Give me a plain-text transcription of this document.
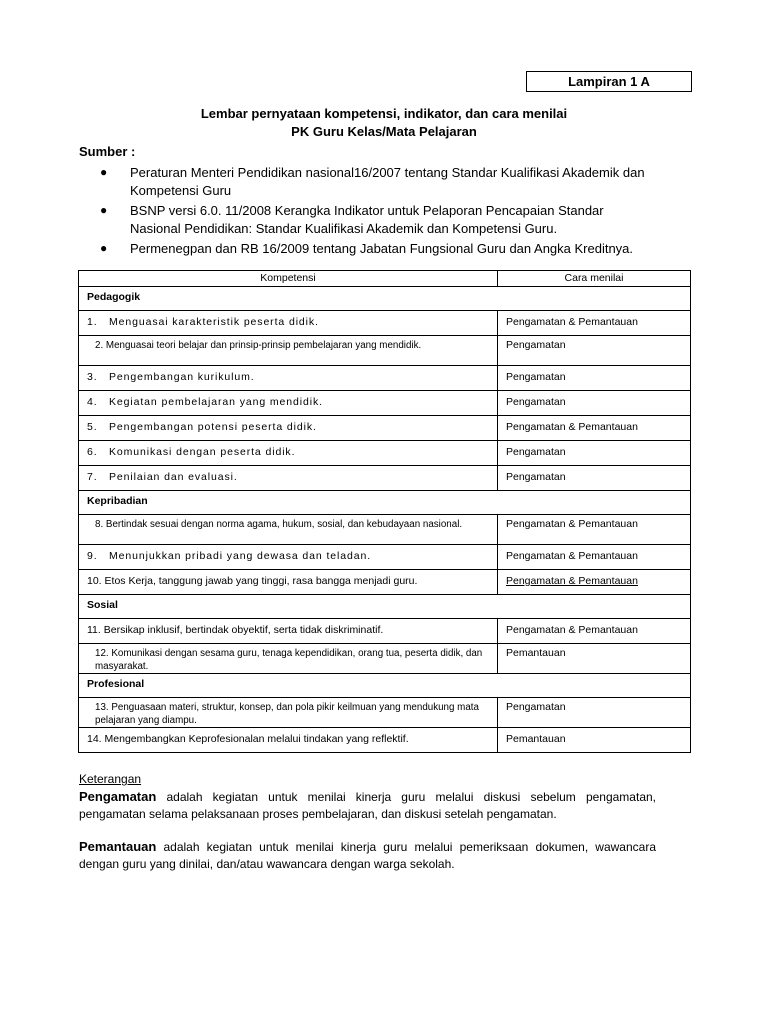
Lampiran 1 A
Lembar pernyataan kompetensi, indikator, dan cara menilai
PK Guru Kelas/Mata Pelajaran
Sumber :
● Peraturan Menteri Pendidikan nasional16/2007 tentang Standar Kualifikasi Akademik dan Kompetensi Guru
● BSNP versi 6.0. 11/2008 Kerangka Indikator untuk Pelaporan Pencapaian Standar Nasional Pendidikan: Standar Kualifikasi Akademik dan Kompetensi Guru.
● Permenegpan dan RB 16/2009 tentang Jabatan Fungsional Guru dan Angka Kreditnya.
Kompetensi	Cara menilai
Pedagogik	
1. Menguasai karakteristik peserta didik.	Pengamatan & Pemantauan
2. Menguasai teori belajar dan prinsip-prinsip pembelajaran yang mendidik.	Pengamatan
3. Pengembangan kurikulum.	Pengamatan
4. Kegiatan pembelajaran yang mendidik.	Pengamatan
5. Pengembangan potensi peserta didik.	Pengamatan & Pemantauan
6. Komunikasi dengan peserta didik.	Pengamatan
7. Penilaian dan evaluasi.	Pengamatan
Kepribadian	
8. Bertindak sesuai dengan norma agama, hukum, sosial, dan kebudayaan nasional.	Pengamatan & Pemantauan
9. Menunjukkan pribadi yang dewasa dan teladan.	Pengamatan & Pemantauan
10. Etos Kerja, tanggung jawab yang tinggi, rasa bangga menjadi guru.	Pengamatan & Pemantauan
Sosial	
11. Bersikap inklusif, bertindak obyektif, serta tidak diskriminatif.	Pengamatan & Pemantauan
12. Komunikasi dengan sesama guru, tenaga kependidikan, orang tua, peserta didik, dan masyarakat.	Pemantauan
Profesional	
13. Penguasaan materi, struktur, konsep, dan pola pikir keilmuan yang mendukung mata pelajaran yang diampu.	Pengamatan
14. Mengembangkan Keprofesionalan melalui tindakan yang reflektif.	Pemantauan
Keterangan
Pengamatan adalah kegiatan untuk menilai kinerja guru melalui diskusi sebelum pengamatan, pengamatan selama pelaksanaan proses pembelajaran, dan diskusi setelah pengamatan.
Pemantauan adalah kegiatan untuk menilai kinerja guru melalui pemeriksaan dokumen, wawancara dengan guru yang dinilai, dan/atau wawancara dengan warga sekolah.
